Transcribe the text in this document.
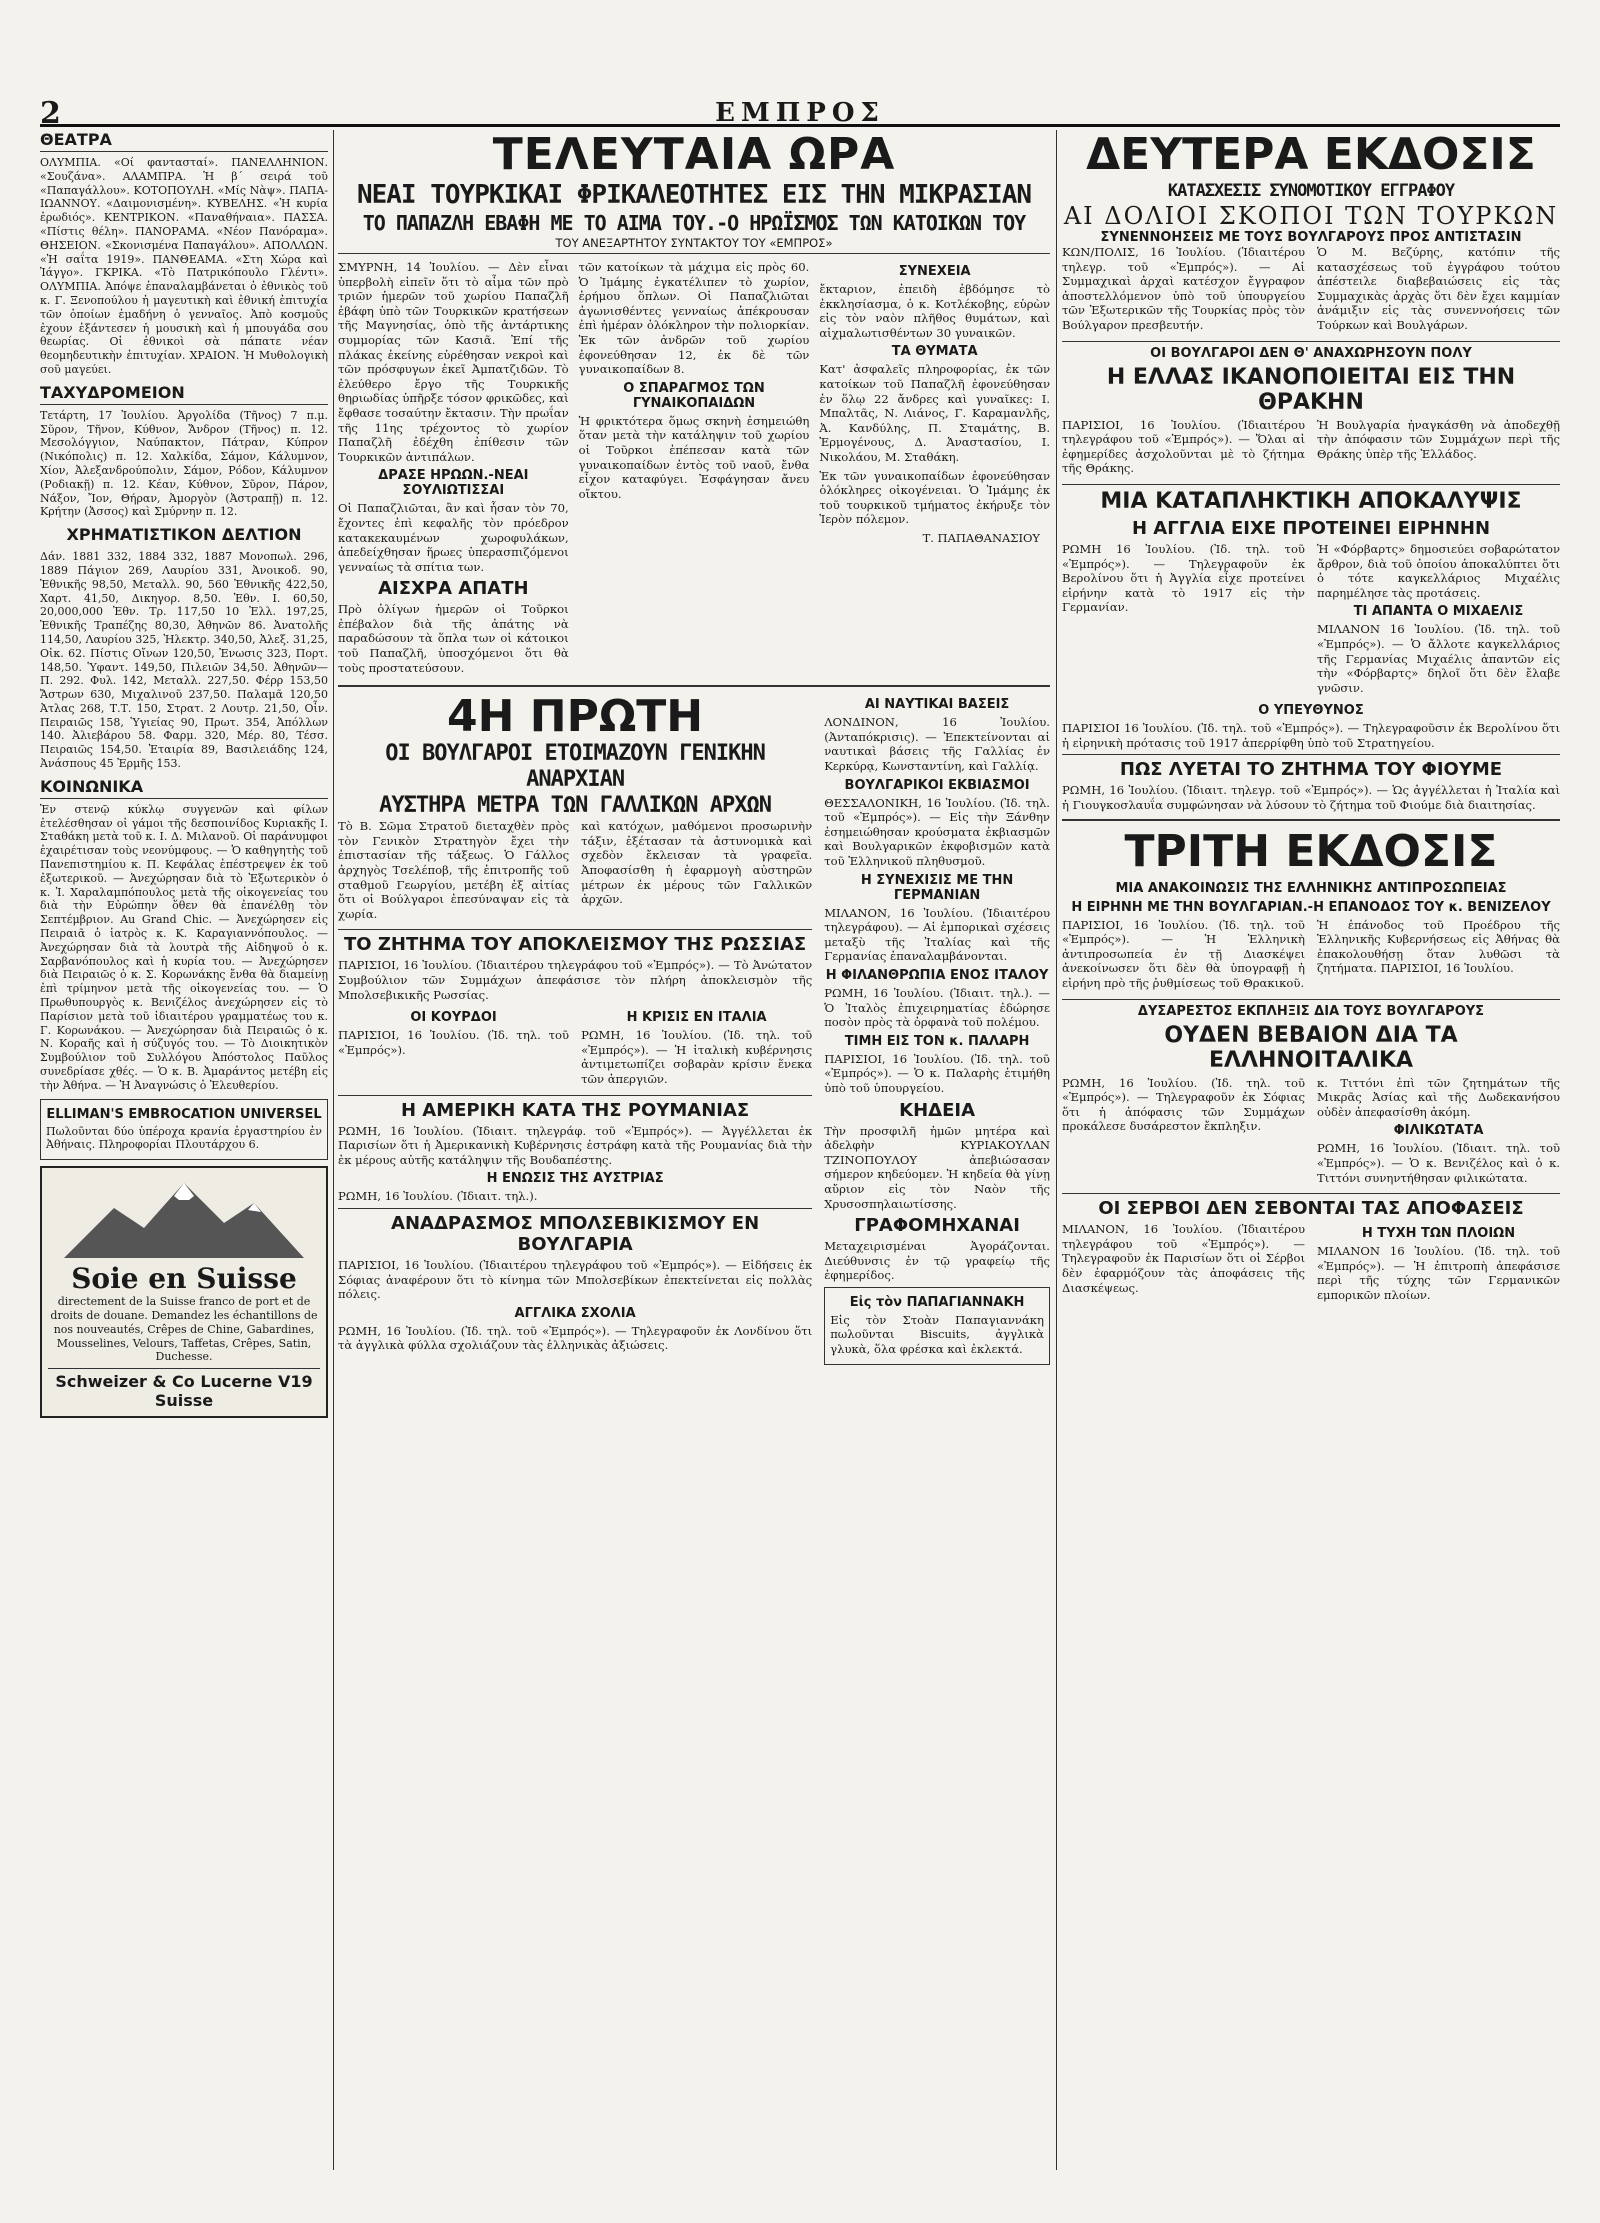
2	ΕΜΠΡΟΣ
ΘΕΑΤΡΑ

ΟΛΥΜΠΙΑ. «Οί φαντασταί». ΠΑΝΕΛΛΗΝΙΟΝ. «Σουζάνα». ΑΛΑΜΠΡΑ. Ἡ β΄ σειρά τοῦ «Παπαγάλλου». ΚΟΤΟΠΟΥΛΗ. «Μίς Νὰψ». ΠΑΠΑ-ΙΩΑΝΝΟΥ. «Δαιμονισμένη». ΚΥΒΕΛΗΣ. «Ἡ κυρία ἐρωδιός». ΚΕΝΤΡΙΚΟΝ. «Παναθήναια». ΠΑΣΣΑ. «Πίστις θέλη». ΠΑΝΟΡΑΜΑ. «Νέον Πανόραμα». ΘΗΣΕΙΟΝ. «Σκονισμένα Παπαγάλου». ΑΠΟΛΛΩΝ. «Ἡ σαΐτα 1919». ΠΑΝΘΕΑΜΑ. «Στη Χώρα καὶ Ἰάγγο». ΓΚΡΙΚΑ. «Τὸ Πατρικόπουλο Γλέντι». ΟΛΥΜΠΙΑ. Ἀπόψε ἐπαναλαμβάνεται ὁ ἐθνικὸς τοῦ κ. Γ. Ξενοπούλου ἡ μαγευτικὴ καὶ ἐθνική ἐπιτυχία τῶν ὁποίων ἐμαδήνη ὁ γενναῖος. Ἀπὸ κοσμοῦς ἐχουν ἐξάντεσεν ἡ μουσικὴ καὶ ἡ μπουγάδα σου θεωρίας. Οἱ ἐθνικοὶ σὰ πάπατε νέαν θεομηδευτικὴν ἐπιτυχίαν. ΧΡΑΙΟΝ. Ἡ Μυθολογικὴ σοῦ μαγεύει.

ΤΑΧΥΔΡΟΜΕΙΟΝ

Τετάρτη, 17 Ἰουλίου. Ἀργολίδα (Τῆνος) 7 π.μ. Σῦρον, Τῆνον, Κύθνον, Ἄνδρον (Τῆνος) π. 12. Μεσολόγγιον, Ναύπακτον, Πάτραν, Κύπρον (Νικόπολις) π. 12. Χαλκίδα, Σάμον, Κάλυμνον, Χίον, Ἀλεξανδρούπολιν, Σάμον, Ρόδον, Κάλυμνον (Ροδιακῇ) π. 12. Κέαν, Κύθνον, Σῦρον, Πάρον, Νάξον, Ἴον, Θήραν, Ἀμοργὸν (Ἀστραπῇ) π. 12. Κρήτην (Ἀσσος) καὶ Σμύρνην π. 12.

ΧΡΗΜΑΤΙΣΤΙΚΟΝ ΔΕΛΤΙΟΝ

Δάν. 1881 332, 1884 332, 1887 Μονοπωλ. 296, 1889 Πάγιον 269, Λαυρίου 331, Ἀνοικοδ. 90, Ἐθνικῆς 98,50, Μεταλλ. 90, 560 Ἐθνικῆς 422,50, Χαρτ. 41,50, Δικηγορ. 8,50. Ἐθν. Ι. 60,50, 20,000,000 Ἐθν. Τρ. 117,50 10 Ἐλλ. 197,25, Ἐθνικῆς Τραπέζης 80,30, Ἀθηνῶν 86. Ἀνατολῆς 114,50, Λαυρίου 325, Ἠλεκτρ. 340,50, Ἀλεξ. 31,25, Οἰκ. 62. Πίστις Οἴνων 120,50, Ἐνωσις 323, Πορτ. 148,50. Ὑφαντ. 149,50, Πιλειῶν 34,50. Ἀθηνῶν—Π. 292. Φυλ. 142, Μεταλλ. 227,50. Φέρρ 153,50 Ἄστρων 630, Μιχαλινοῦ 237,50. Παλαμᾶ 120,50 Ἀτλας 268, Τ.Τ. 150, Στρατ. 2 Λουτρ. 21,50, Οἶν. Πειραιῶς 158, Ὑγιείας 90, Πρωτ. 354, Ἀπόλλων 140. Ἀλιεβάρου 58. Φαρμ. 320, Μέρ. 80, Τέσσ. Πειραιῶς 154,50. Ἑταιρία 89, Βασιλειάδης 124, Ἀνάσπους 45 Ἐρμῆς 153.

ΚΟΙΝΩΝΙΚΑ

Ἐν στενῷ κύκλῳ συγγενῶν καὶ φίλων ἐτελέσθησαν οἱ γάμοι τῆς δεσποινίδος Κυριακῆς Ι. Σταθάκη μετὰ τοῦ κ. Ι. Δ. Μιλανοῦ. Οἱ παράνυμφοι ἐχαιρέτισαν τοὺς νεονύμφους. — Ὁ καθηγητὴς τοῦ Πανεπιστημίου κ. Π. Κεφάλας ἐπέστρεψεν ἐκ τοῦ ἐξωτερικοῦ. — Ἀνεχώρησαν διὰ τὸ Ἐξωτερικὸν ὁ κ. Ἰ. Χαραλαμπόπουλος μετὰ τῆς οἰκογενείας του διὰ τὴν Εὐρώπην ὅθεν θὰ ἐπανέλθῃ τὸν Σεπτέμβριον. Au Grand Chic. — Ἀνεχώρησεν εἰς Πειραιᾶ ὁ ἰατρὸς κ. Κ. Καραγιαννόπουλος. — Ἀνεχώρησαν διὰ τὰ λουτρὰ τῆς Αἰδηψοῦ ὁ κ. Σαρβανόπουλος καὶ ἡ κυρία του. — Ἀνεχώρησεν διὰ Πειραιῶς ὁ κ. Σ. Κορωνάκης ἔνθα θὰ διαμείνῃ ἐπὶ τρίμηνον μετὰ τῆς οἰκογενείας του. — Ὁ Πρωθυπουργὸς κ. Βενιζέλος ἀνεχώρησεν εἰς τὸ Παρίσιον μετὰ τοῦ ἰδιαιτέρου γραμματέως του κ. Γ. Κορωνάκου. — Ἀνεχώρησαν διὰ Πειραιῶς ὁ κ. Ν. Κοραῆς καὶ ἡ σύζυγός του. — Τὸ Διοικητικὸν Συμβούλιον τοῦ Συλλόγου Ἀπόστολος Παῦλος συνεδρίασε χθές. — Ὁ κ. Β. Ἀμαράντος μετέβη εἰς τὴν Ἀθήνα. — Ἡ Ἀναγνώσις ὁ Ἐλευθερίου.

ELLIMAN'S EMBROCATION UNIVERSEL

Πωλοῦνται δύο ὑπέροχα κρανία ἐργαστηρίου ἐν Ἀθήναις. Πληροφορίαι Πλουτάρχου 6.

Soie en Suisse

directement de la Suisse franco de port et de droits de douane. Demandez les échantillons de nos nouveautés, Crêpes de Chine, Gabardines, Mousselines, Velours, Taffetas, Crêpes, Satin, Duchesse.

Schweizer & Co Lucerne V19 Suisse
ΤΕΛΕΥΤΑΙΑ ΩΡΑ
ΝΕΑΙ ΤΟΥΡΚΙΚΑΙ ΦΡΙΚΑΛΕΟΤΗΤΕΣ ΕΙΣ ΤΗΝ ΜΙΚΡΑΣΙΑΝ
ΤΟ ΠΑΠΑΖΛΗ ΕΒΑΦΗ ΜΕ ΤΟ ΑΙΜΑ ΤΟΥ.-Ο ΗΡΩΪΣΜΟΣ ΤΩΝ ΚΑΤΟΙΚΩΝ ΤΟΥ
ΤΟΥ ΑΝΕΞΑΡΤΗΤΟΥ ΣΥΝΤΑΚΤΟΥ ΤΟΥ «ΕΜΠΡΟΣ»

ΣΜΥΡΝΗ, 14 Ἰουλίου. — Δὲν εἶναι ὑπερβολὴ εἰπεῖν ὅτι τὸ αἷμα τῶν πρὸ τριῶν ἡμερῶν τοῦ χωρίου Παπαζλῆ ἐβάφη ὑπὸ τῶν Τουρκικῶν κρατήσεων τῆς Μαγνησίας, ὁπὸ τῆς ἀντάρτικης συμμορίας τῶν Κασιᾶ. Ἐπί τῆς πλάκας ἐκείνης εὑρέθησαν νεκροὶ καὶ τῶν πρόσφυγων ἐκεῖ Ἀμπατζιδῶν. Τὸ ἐλεύθερο ἔργο τῆς Τουρκικῆς θηριωδίας ὑπῆρξε τόσον φρικῶδες, καὶ ἔφθασε τοσαύτην ἔκτασιν. Τὴν πρωΐαν τῆς 11ης τρέχοντος τὸ χωρίον Παπαζλῆ ἐδέχθη ἐπίθεσιν τῶν Τουρκικῶν ἀντιπάλων.

ΔΡΑΣΕ ΗΡΩΩΝ.-ΝΕΑΙ ΣΟΥΛΙΩΤΙΣΣΑΙ

Οἱ Παπαζλιῶται, ἂν καὶ ἦσαν τὸν 70, ἔχοντες ἐπὶ κεφαλῆς τὸν πρόεδρον κατακεκαυμένων χωροφυλάκων, ἀπεδείχθησαν ἥρωες ὑπερασπιζόμενοι γενναίως τὰ σπίτια των.

ΑΙΣΧΡΑ ΑΠΑΤΗ

Πρὸ ὀλίγων ἡμερῶν οἱ Τοῦρκοι ἐπέβαλον διὰ τῆς ἀπάτης νὰ παραδώσουν τὰ ὅπλα των οἱ κάτοικοι τοῦ Παπαζλῆ, ὑποσχόμενοι ὅτι θὰ τοὺς προστατεύσουν.

τῶν κατοίκων τὰ μάχιμα εἰς πρὸς 60. Ὁ Ἰμάμης ἐγκατέλιπεν τὸ χωρίον, ἐρήμου ὅπλων. Οἱ Παπαζλιῶται ἀγωνισθέντες γενναίως ἀπέκρουσαν ἐπὶ ἡμέραν ὁλόκληρον τὴν πολιορκίαν. Ἐκ τῶν ἀνδρῶν τοῦ χωρίου ἐφονεύθησαν 12, ἐκ δὲ τῶν γυναικοπαίδων 8.

Ο ΣΠΑΡΑΓΜΟΣ ΤΩΝ ΓΥΝΑΙΚΟΠΑΙΔΩΝ

Ἡ φρικτότερα ὅμως σκηνὴ ἐσημειώθη ὅταν μετὰ τὴν κατάληψιν τοῦ χωρίου οἱ Τοῦρκοι ἐπέπεσαν κατὰ τῶν γυναικοπαίδων ἐντὸς τοῦ ναοῦ, ἔνθα εἶχον καταφύγει. Ἐσφάγησαν ἄνευ οἴκτου.

ΣΥΝΕΧΕΙΑ

ἔκταριον, ἐπειδὴ ἐβδόμησε τὸ ἐκκλησίασμα, ὁ κ. Κοτλέκοβης, εὑρὼν εἰς τὸν ναὸν πλῆθος θυμάτων, καὶ αἰχμαλωτισθέντων 30 γυναικῶν.

ΤΑ ΘΥΜΑΤΑ

Κατ' ἀσφαλεῖς πληροφορίας, ἐκ τῶν κατοίκων τοῦ Παπαζλῆ ἐφονεύθησαν ἐν ὅλῳ 22 ἄνδρες καὶ γυναῖκες: Ι. Μπαλτᾶς, Ν. Λιάνος, Γ. Καραμανλῆς, Ἀ. Κανδύλης, Π. Σταμάτης, Β. Ἐρμογένους, Δ. Ἀναστασίου, Ι. Νικολάου, Μ. Σταθάκη.

Ἐκ τῶν γυναικοπαίδων ἐφονεύθησαν ὁλόκληρες οἰκογένειαι. Ὁ Ἰμάμης ἐκ τοῦ τουρκικοῦ τμήματος ἐκήρυξε τὸν Ἱερὸν πόλεμον.

Τ. ΠΑΠΑΘΑΝΑΣΙΟΥ
4Η ΠΡΩΤΗ
ΟΙ ΒΟΥΛΓΑΡΟΙ ΕΤΟΙΜΑΖΟΥΝ ΓΕΝΙΚΗΝ ΑΝΑΡΧΙΑΝ
ΑΥΣΤΗΡΑ ΜΕΤΡΑ ΤΩΝ ΓΑΛΛΙΚΩΝ ΑΡΧΩΝ

Τὸ Β. Σῶμα Στρατοῦ διεταχθὲν πρὸς τὸν Γενικὸν Στρατηγὸν ἔχει τὴν ἐπιστασίαν τῆς τάξεως. Ὁ Γάλλος ἀρχηγὸς Τσελέποβ, τῆς ἐπιτροπῆς τοῦ σταθμοῦ Γεωργίου, μετέβη ἐξ αἰτίας ὅτι οἱ Βούλγαροι ἐπεσύναψαν εἰς τὰ χωρία.

καὶ κατόχων, μαθόμενοι προσωρινὴν τάξιν, ἐξέτασαν τὰ ἀστυνομικὰ καὶ σχεδὸν ἔκλεισαν τὰ γραφεῖα. Ἀποφασίσθη ἡ ἐφαρμογὴ αὐστηρῶν μέτρων ἐκ μέρους τῶν Γαλλικῶν ἀρχῶν.

ΤΟ ΖΗΤΗΜΑ ΤΟΥ ΑΠΟΚΛΕΙΣΜΟΥ ΤΗΣ ΡΩΣΣΙΑΣ

ΠΑΡΙΣΙΟΙ, 16 Ἰουλίου. (Ἰδιαιτέρου τηλεγράφου τοῦ «Ἐμπρός»). — Τὸ Ἀνώτατον Συμβούλιον τῶν Συμμάχων ἀπεφάσισε τὸν πλήρη ἀποκλεισμὸν τῆς Μπολσεβικικῆς Ρωσσίας.

ΟΙ ΚΟΥΡΔΟΙ

ΠΑΡΙΣΙΟΙ, 16 Ἰουλίου. (Ἰδ. τηλ. τοῦ «Ἐμπρός»).

Η ΚΡΙΣΙΣ ΕΝ ΙΤΑΛΙΑ

ΡΩΜΗ, 16 Ἰουλίου. (Ἰδ. τηλ. τοῦ «Ἐμπρός»). — Ἡ ἰταλικὴ κυβέρνησις ἀντιμετωπίζει σοβαρὰν κρίσιν ἕνεκα τῶν ἀπεργιῶν.

Η ΑΜΕΡΙΚΗ ΚΑΤΑ ΤΗΣ ΡΟΥΜΑΝΙΑΣ

ΡΩΜΗ, 16 Ἰουλίου. (Ἰδιαιτ. τηλεγράφ. τοῦ «Ἐμπρός»). — Ἀγγέλλεται ἐκ Παρισίων ὅτι ἡ Ἀμερικανικὴ Κυβέρνησις ἐστράφη κατὰ τῆς Ρουμανίας διὰ τὴν ἐκ μέρους αὐτῆς κατάληψιν τῆς Βουδαπέστης.

Η ΕΝΩΣΙΣ ΤΗΣ ΑΥΣΤΡΙΑΣ

ΡΩΜΗ, 16 Ἰουλίου. (Ἰδιαιτ. τηλ.).

ΑΝΑΔΡΑΣΜΟΣ ΜΠΟΛΣΕΒΙΚΙΣΜΟΥ ΕΝ ΒΟΥΛΓΑΡΙΑ

ΠΑΡΙΣΙΟΙ, 16 Ἰουλίου. (Ἰδιαιτέρου τηλεγράφου τοῦ «Ἐμπρός»). — Εἰδήσεις ἐκ Σόφιας ἀναφέρουν ὅτι τὸ κίνημα τῶν Μπολσεβίκων ἐπεκτείνεται εἰς πολλὰς πόλεις.

ΑΓΓΛΙΚΑ ΣΧΟΛΙΑ

ΡΩΜΗ, 16 Ἰουλίου. (Ἰδ. τηλ. τοῦ «Ἐμπρός»). — Τηλεγραφοῦν ἐκ Λονδίνου ὅτι τὰ ἀγγλικὰ φύλλα σχολιάζουν τὰς ἑλληνικὰς ἀξιώσεις.

ΑΙ ΝΑΥΤΙΚΑΙ ΒΑΣΕΙΣ

ΛΟΝΔΙΝΟΝ, 16 Ἰουλίου. (Ἀνταπόκρισις). — Ἐπεκτείνονται αἱ ναυτικαὶ βάσεις τῆς Γαλλίας ἐν Κερκύρᾳ, Κωνσταντίνη, καὶ Γαλλίᾳ.

ΒΟΥΛΓΑΡΙΚΟΙ ΕΚΒΙΑΣΜΟΙ

ΘΕΣΣΑΛΟΝΙΚΗ, 16 Ἰουλίου. (Ἰδ. τηλ. τοῦ «Ἐμπρός»). — Εἰς τὴν Ξάνθην ἐσημειώθησαν κρούσματα ἐκβιασμῶν καὶ Βουλγαρικῶν ἐκφοβισμῶν κατὰ τοῦ Ἑλληνικοῦ πληθυσμοῦ.

Η ΣΥΝΕΧΙΣΙΣ ΜΕ ΤΗΝ ΓΕΡΜΑΝΙΑΝ

ΜΙΛΑΝΟΝ, 16 Ἰουλίου. (Ἰδιαιτέρου τηλεγράφου). — Αἱ ἐμπορικαὶ σχέσεις μεταξὺ τῆς Ἰταλίας καὶ τῆς Γερμανίας ἐπαναλαμβάνονται.

Η ΦΙΛΑΝΘΡΩΠΙΑ ΕΝΟΣ ΙΤΑΛΟΥ

ΡΩΜΗ, 16 Ἰουλίου. (Ἰδιαιτ. τηλ.). — Ὁ Ἰταλὸς ἐπιχειρηματίας ἐδώρησε ποσὸν πρὸς τὰ ὀρφανὰ τοῦ πολέμου.

ΤΙΜΗ ΕΙΣ ΤΟΝ κ. ΠΑΛΑΡΗ

ΠΑΡΙΣΙΟΙ, 16 Ἰουλίου. (Ἰδ. τηλ. τοῦ «Ἐμπρός»). — Ὁ κ. Παλαρὴς ἐτιμήθη ὑπὸ τοῦ ὑπουργείου.

ΚΗΔΕΙΑ

Τὴν προσφιλῆ ἡμῶν μητέρα καὶ ἀδελφὴν ΚΥΡΙΑΚΟΥΛΑΝ ΤΖΙΝΟΠΟΥΛΟΥ ἀπεβιώσασαν σήμερον κηδεύομεν. Ἡ κηδεία θὰ γίνῃ αὔριον εἰς τὸν Ναὸν τῆς Χρυσοσπηλαιωτίσσης.

ΓΡΑΦΟΜΗΧΑΝΑΙ

Μεταχειρισμέναι Ἀγοράζονται. Διεύθυνσις ἐν τῷ γραφείῳ τῆς ἐφημερίδος.

Εἰς τὸν ΠΑΠΑΓΙΑΝΝΑΚΗ

Εἰς τὸν Στοὰν Παπαγιαννάκη πωλοῦνται Biscuits, ἀγγλικὰ γλυκὰ, ὅλα φρέσκα καὶ ἐκλεκτά.

ΔΕΥΤΕΡΑ ΕΚΔΟΣΙΣ
ΚΑΤΑΣΧΕΣΙΣ ΣΥΝΟΜΟΤΙΚΟΥ ΕΓΓΡΑΦΟΥ
ΑΙ ΔΟΛΙΟΙ ΣΚΟΠΟΙ ΤΩΝ ΤΟΥΡΚΩΝ
ΣΥΝΕΝΝΟΗΣΕΙΣ ΜΕ ΤΟΥΣ ΒΟΥΛΓΑΡΟΥΣ ΠΡΟΣ ΑΝΤΙΣΤΑΣΙΝ

ΚΩΝ/ΠΟΛΙΣ, 16 Ἰουλίου. (Ἰδιαιτέρου τηλεγρ. τοῦ «Ἐμπρός»). — Αἱ Συμμαχικαὶ ἀρχαὶ κατέσχον ἔγγραφον ἀποστελλόμενον ὑπὸ τοῦ ὑπουργείου τῶν Ἐξωτερικῶν τῆς Τουρκίας πρὸς τὸν Βούλγαρον πρεσβευτήν.

Ὁ Μ. Βεζύρης, κατόπιν τῆς κατασχέσεως τοῦ ἐγγράφου τούτου ἀπέστειλε διαβεβαιώσεις εἰς τὰς Συμμαχικὰς ἀρχὰς ὅτι δὲν ἔχει καμμίαν ἀνάμιξιν εἰς τὰς συνεννοήσεις τῶν Τούρκων καὶ Βουλγάρων.

ΟΙ ΒΟΥΛΓΑΡΟΙ ΔΕΝ Θ' ΑΝΑΧΩΡΗΣΟΥΝ ΠΟΛΥ
Η ΕΛΛΑΣ ΙΚΑΝΟΠΟΙΕΙΤΑΙ ΕΙΣ ΤΗΝ ΘΡΑΚΗΝ

ΠΑΡΙΣΙΟΙ, 16 Ἰουλίου. (Ἰδιαιτέρου τηλεγράφου τοῦ «Ἐμπρός»). — Ὅλαι αἱ ἐφημερίδες ἀσχολοῦνται μὲ τὸ ζήτημα τῆς Θράκης.

Ἡ Βουλγαρία ἠναγκάσθη νὰ ἀποδεχθῇ τὴν ἀπόφασιν τῶν Συμμάχων περὶ τῆς Θράκης ὑπὲρ τῆς Ἑλλάδος.

ΜΙΑ ΚΑΤΑΠΛΗΚΤΙΚΗ ΑΠΟΚΑΛΥΨΙΣ
Η ΑΓΓΛΙΑ ΕΙΧΕ ΠΡΟΤΕΙΝΕΙ ΕΙΡΗΝΗΝ

ΡΩΜΗ 16 Ἰουλίου. (Ἰδ. τηλ. τοῦ «Ἐμπρός»). — Τηλεγραφοῦν ἐκ Βερολίνου ὅτι ἡ Ἀγγλία εἶχε προτείνει εἰρήνην κατὰ τὸ 1917 εἰς τὴν Γερμανίαν.

Ἡ «Φόρβαρτς» δημοσιεύει σοβαρώτατον ἄρθρον, διὰ τοῦ ὁποίου ἀποκαλύπτει ὅτι ὁ τότε καγκελλάριος Μιχαέλις παρημέλησε τὰς προτάσεις.

ΤΙ ΑΠΑΝΤΑ Ο ΜΙΧΑΕΛΙΣ

ΜΙΛΑΝΟΝ 16 Ἰουλίου. (Ἰδ. τηλ. τοῦ «Ἐμπρός»). — Ὁ ἄλλοτε καγκελλάριος τῆς Γερμανίας Μιχαέλις ἀπαντῶν εἰς τὴν «Φόρβαρτς» δηλοῖ ὅτι δὲν ἔλαβε γνῶσιν.

Ο ΥΠΕΥΘΥΝΟΣ

ΠΑΡΙΣΙΟΙ 16 Ἰουλίου. (Ἰδ. τηλ. τοῦ «Ἐμπρός»). — Τηλεγραφοῦσιν ἐκ Βερολίνου ὅτι ἡ εἰρηνικὴ πρότασις τοῦ 1917 ἀπερρίφθη ὑπὸ τοῦ Στρατηγείου.

ΠΩΣ ΛΥΕΤΑΙ ΤΟ ΖΗΤΗΜΑ ΤΟΥ ΦΙΟΥΜΕ

ΡΩΜΗ, 16 Ἰουλίου. (Ἰδιαιτ. τηλεγρ. τοῦ «Ἐμπρός»). — Ὡς ἀγγέλλεται ἡ Ἰταλία καὶ ἡ Γιουγκοσλαυΐα συμφώνησαν νὰ λύσουν τὸ ζήτημα τοῦ Φιούμε διὰ διαιτησίας.

ΤΡΙΤΗ ΕΚΔΟΣΙΣ
ΜΙΑ ΑΝΑΚΟΙΝΩΣΙΣ ΤΗΣ ΕΛΛΗΝΙΚΗΣ ΑΝΤΙΠΡΟΣΩΠΕΙΑΣ
Η ΕΙΡΗΝΗ ΜΕ ΤΗΝ ΒΟΥΛΓΑΡΙΑΝ.-Η ΕΠΑΝΟΔΟΣ ΤΟΥ κ. ΒΕΝΙΖΕΛΟΥ

ΠΑΡΙΣΙΟΙ, 16 Ἰουλίου. (Ἰδ. τηλ. τοῦ «Ἐμπρός»). — Ἡ Ἑλληνικὴ ἀντιπροσωπεία ἐν τῇ Διασκέψει ἀνεκοίνωσεν ὅτι δὲν θὰ ὑπογραφῇ ἡ εἰρήνη πρὸ τῆς ῥυθμίσεως τοῦ Θρακικοῦ.

Ἡ ἐπάνοδος τοῦ Προέδρου τῆς Ἑλληνικῆς Κυβερνήσεως εἰς Ἀθήνας θὰ ἐπακολουθήσῃ ὅταν λυθῶσι τὰ ζητήματα. ΠΑΡΙΣΙΟΙ, 16 Ἰουλίου.

ΔΥΣΑΡΕΣΤΟΣ ΕΚΠΛΗΞΙΣ ΔΙΑ ΤΟΥΣ ΒΟΥΛΓΑΡΟΥΣ
ΟΥΔΕΝ ΒΕΒΑΙΟΝ ΔΙΑ ΤΑ ΕΛΛΗΝΟΙΤΑΛΙΚΑ

ΡΩΜΗ, 16 Ἰουλίου. (Ἰδ. τηλ. τοῦ «Ἐμπρός»). — Τηλεγραφοῦν ἐκ Σόφιας ὅτι ἡ ἀπόφασις τῶν Συμμάχων προκάλεσε δυσάρεστον ἔκπληξιν.

κ. Τιττόνι ἐπὶ τῶν ζητημάτων τῆς Μικρᾶς Ἀσίας καὶ τῆς Δωδεκανήσου οὐδὲν ἀπεφασίσθη ἀκόμη.

ΦΙΛΙΚΩΤΑΤΑ

ΡΩΜΗ, 16 Ἰουλίου. (Ἰδιαιτ. τηλ. τοῦ «Ἐμπρός»). — Ὁ κ. Βενιζέλος καὶ ὁ κ. Τιττόνι συνηντήθησαν φιλικώτατα.

ΟΙ ΣΕΡΒΟΙ ΔΕΝ ΣΕΒΟΝΤΑΙ ΤΑΣ ΑΠΟΦΑΣΕΙΣ

ΜΙΛΑΝΟΝ, 16 Ἰουλίου. (Ἰδιαιτέρου τηλεγράφου τοῦ «Ἐμπρός»). — Τηλεγραφοῦν ἐκ Παρισίων ὅτι οἱ Σέρβοι δὲν ἐφαρμόζουν τὰς ἀποφάσεις τῆς Διασκέψεως.

Η ΤΥΧΗ ΤΩΝ ΠΛΟΙΩΝ

ΜΙΛΑΝΟΝ 16 Ἰουλίου. (Ἰδ. τηλ. τοῦ «Ἐμπρός»). — Ἡ ἐπιτροπὴ ἀπεφάσισε περὶ τῆς τύχης τῶν Γερμανικῶν εμπορικῶν πλοίων.
